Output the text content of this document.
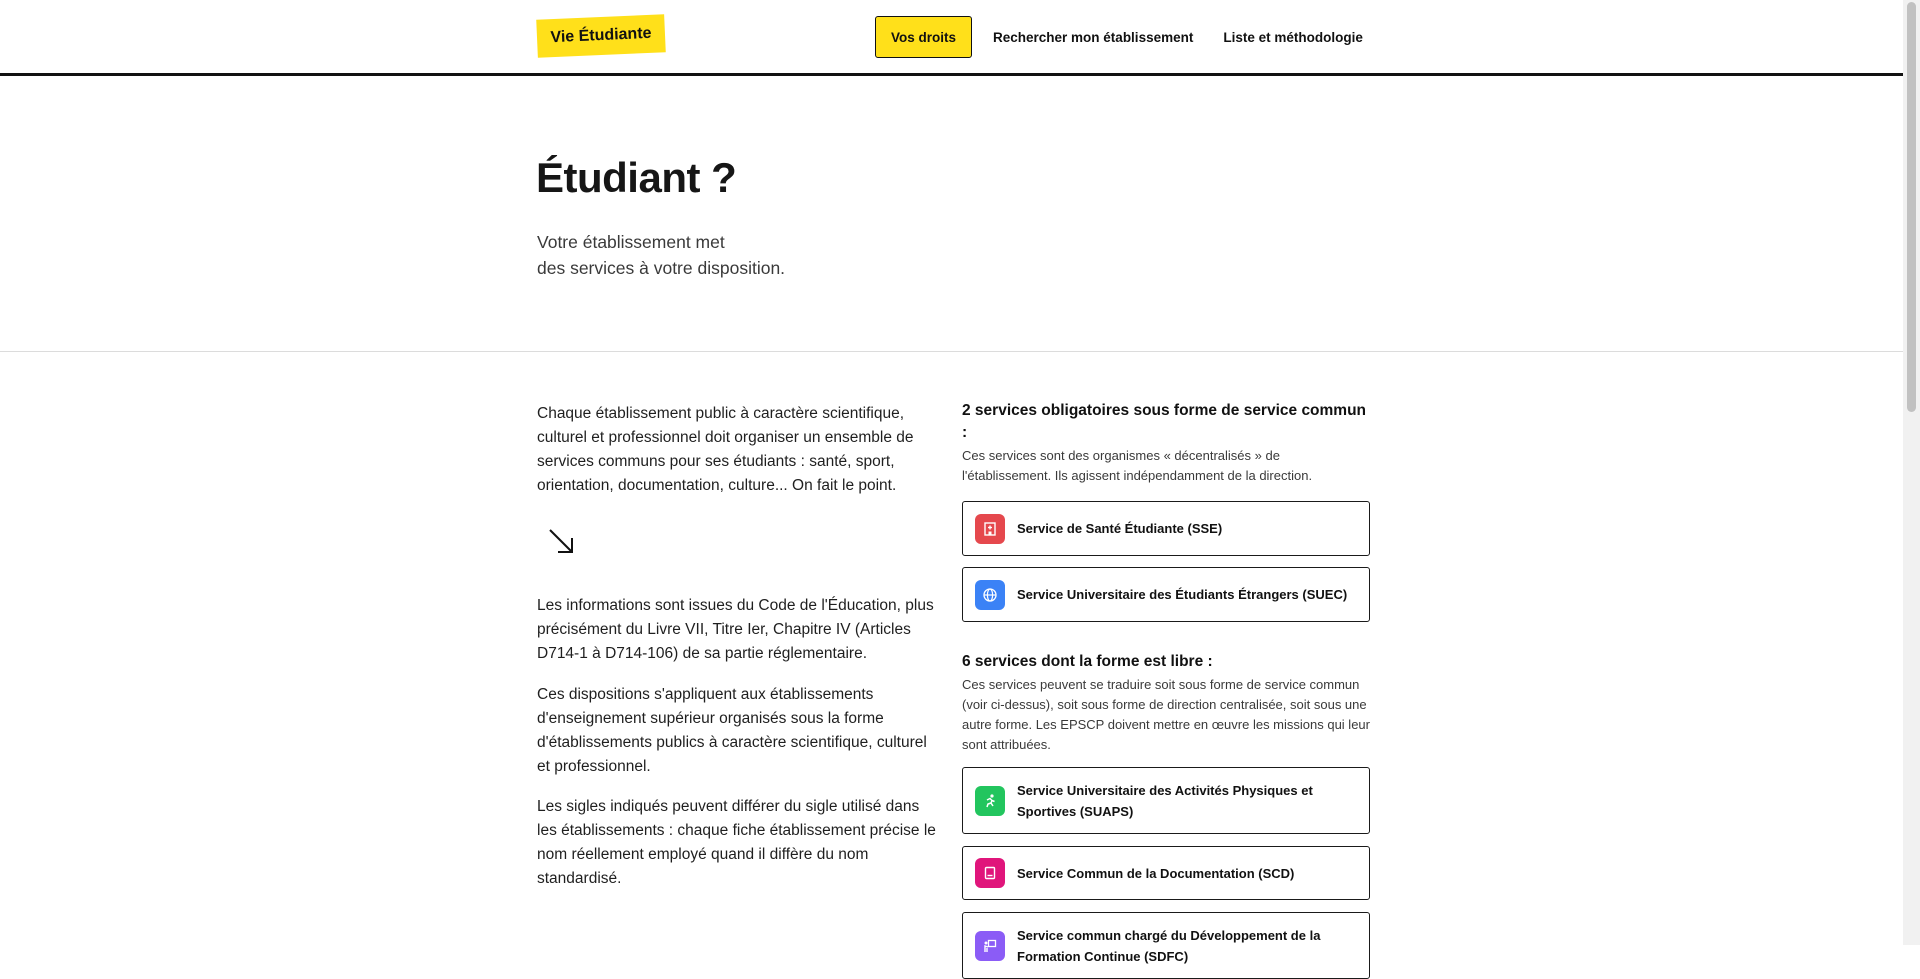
Vie Étudiante	Vos droits	Rechercher mon établissement	Liste et méthodologie
Étudiant ?
Votre établissement met
des services à votre disposition.

Chaque établissement public à caractère scientifique, culturel et professionnel doit organiser un ensemble de services communs pour ses étudiants : santé, sport, orientation, documentation, culture... On fait le point.

Les informations sont issues du Code de l'Éducation, plus précisément du Livre VII, Titre Ier, Chapitre IV (Articles D714-1 à D714-106) de sa partie réglementaire.

Ces dispositions s'appliquent aux établissements d'enseignement supérieur organisés sous la forme d'établissements publics à caractère scientifique, culturel et professionnel.

Les sigles indiqués peuvent différer du sigle utilisé dans les établissements : chaque fiche établissement précise le nom réellement employé quand il diffère du nom standardisé.

2 services obligatoires sous forme de service commun :
Ces services sont des organismes « décentralisés » de l'établissement. Ils agissent indépendamment de la direction.
Service de Santé Étudiante (SSE)
Service Universitaire des Étudiants Étrangers (SUEC)
6 services dont la forme est libre :
Ces services peuvent se traduire soit sous forme de service commun (voir ci-dessus), soit sous forme de direction centralisée, soit sous une autre forme. Les EPSCP doivent mettre en œuvre les missions qui leur sont attribuées.
Service Universitaire des Activités Physiques et Sportives (SUAPS)
Service Commun de la Documentation (SCD)
Service commun chargé du Développement de la Formation Continue (SDFC)
